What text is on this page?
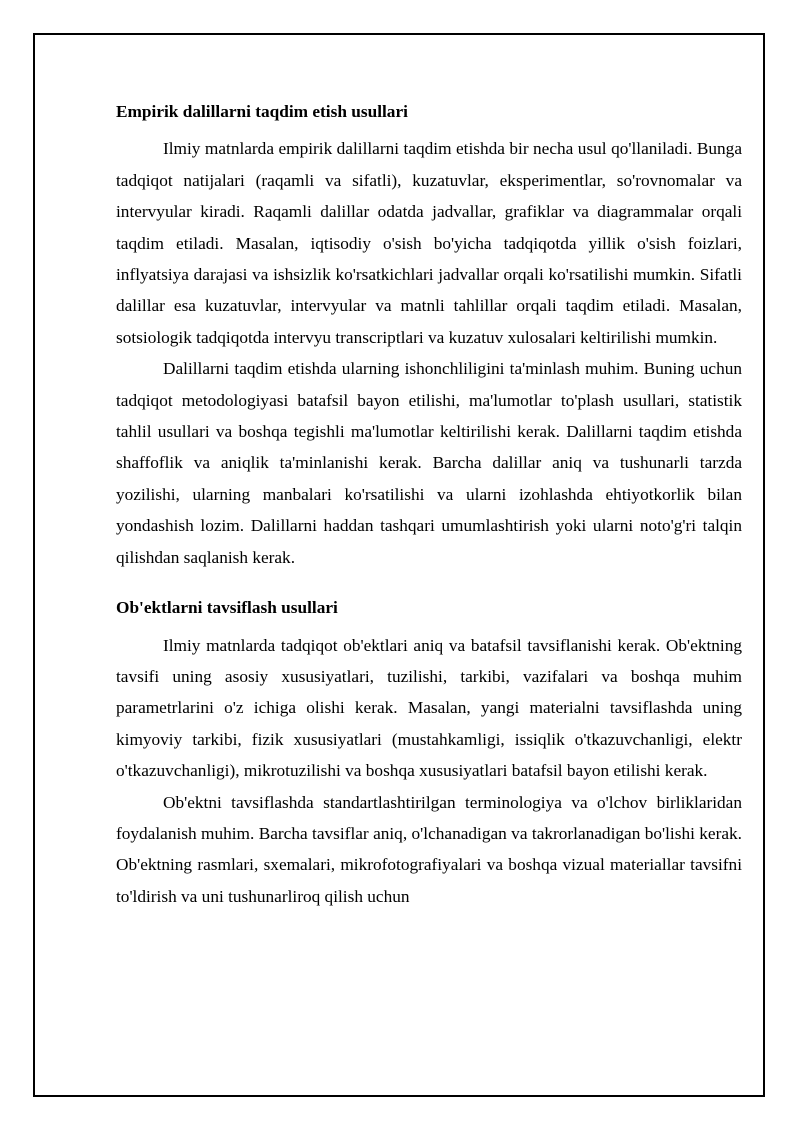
Empirik dalillarni taqdim etish usullari

Ilmiy matnlarda empirik dalillarni taqdim etishda bir necha usul qo'llaniladi. Bunga tadqiqot natijalari (raqamli va sifatli), kuzatuvlar, eksperimentlar, so'rovnomalar va intervyular kiradi. Raqamli dalillar odatda jadvallar, grafiklar va diagrammalar orqali taqdim etiladi. Masalan, iqtisodiy o'sish bo'yicha tadqiqotda yillik o'sish foizlari, inflyatsiya darajasi va ishsizlik ko'rsatkichlari jadvallar orqali ko'rsatilishi mumkin. Sifatli dalillar esa kuzatuvlar, intervyular va matnli tahlillar orqali taqdim etiladi. Masalan, sotsiologik tadqiqotda intervyu transcriptlari va kuzatuv xulosalari keltirilishi mumkin.

Dalillarni taqdim etishda ularning ishonchliligini ta'minlash muhim. Buning uchun tadqiqot metodologiyasi batafsil bayon etilishi, ma'lumotlar to'plash usullari, statistik tahlil usullari va boshqa tegishli ma'lumotlar keltirilishi kerak. Dalillarni taqdim etishda shaffoflik va aniqlik ta'minlanishi kerak. Barcha dalillar aniq va tushunarli tarzda yozilishi, ularning manbalari ko'rsatilishi va ularni izohlashda ehtiyotkorlik bilan yondashish lozim. Dalillarni haddan tashqari umumlashtirish yoki ularni noto'g'ri talqin qilishdan saqlanish kerak.

Ob'ektlarni tavsiflash usullari

Ilmiy matnlarda tadqiqot ob'ektlari aniq va batafsil tavsiflanishi kerak. Ob'ektning tavsifi uning asosiy xususiyatlari, tuzilishi, tarkibi, vazifalari va boshqa muhim parametrlarini o'z ichiga olishi kerak. Masalan, yangi materialni tavsiflashda uning kimyoviy tarkibi, fizik xususiyatlari (mustahkamligi, issiqlik o'tkazuvchanligi, elektr o'tkazuvchanligi), mikrotuzilishi va boshqa xususiyatlari batafsil bayon etilishi kerak.

Ob'ektni tavsiflashda standartlashtirilgan terminologiya va o'lchov birliklaridan foydalanish muhim. Barcha tavsiflar aniq, o'lchanadigan va takrorlanadigan bo'lishi kerak. Ob'ektning rasmlari, sxemalari, mikrofotografiyalari va boshqa vizual materiallar tavsifni to'ldirish va uni tushunarliroq qilish uchun
